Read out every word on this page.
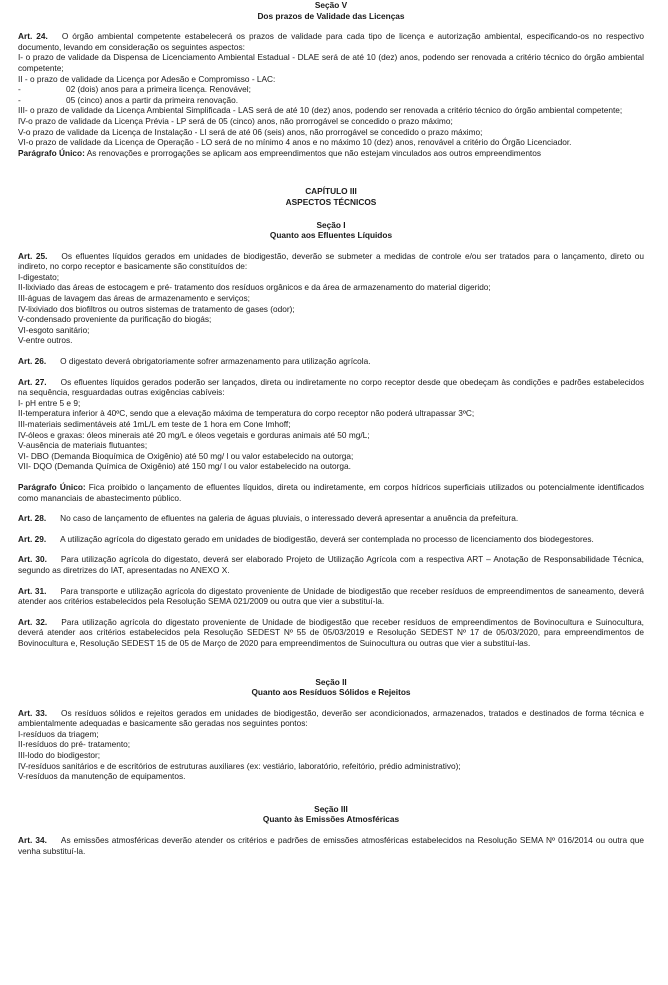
Seção V
Dos prazos de Validade das Licenças

Art. 24. O órgão ambiental competente estabelecerá os prazos de validade para cada tipo de licença e autorização ambiental, especificando-os no respectivo documento, levando em consideração os seguintes aspectos:

I- o prazo de validade da Dispensa de Licenciamento Ambiental Estadual - DLAE será de até 10 (dez) anos, podendo ser renovada a critério técnico do órgão ambiental competente;

II - o prazo de validade da Licença por Adesão e Compromisso - LAC:

-	02 (dois) anos para a primeira licença. Renovável;
-	05 (cinco) anos a partir da primeira renovação.

III- o prazo de validade da Licença Ambiental Simplificada - LAS será de até 10 (dez) anos, podendo ser renovada a critério técnico do órgão ambiental competente;

IV-o prazo de validade da Licença Prévia - LP será de 05 (cinco) anos, não prorrogável se concedido o prazo máximo;

V-o prazo de validade da Licença de Instalação - LI será de até 06 (seis) anos, não prorrogável se concedido o prazo máximo;

VI-o prazo de validade da Licença de Operação - LO será de no mínimo 4 anos e no máximo 10 (dez) anos, renovável a critério do Órgão Licenciador.

Parágrafo Único: As renovações e prorrogações se aplicam aos empreendimentos que não estejam vinculados aos outros empreendimentos

CAPÍTULO III
ASPECTOS TÉCNICOS
Seção I
Quanto aos Efluentes Líquidos

Art. 25. Os efluentes líquidos gerados em unidades de biodigestão, deverão se submeter a medidas de controle e/ou ser tratados para o lançamento, direto ou indireto, no corpo receptor e basicamente são constituídos de:

I-digestato;

II-lixiviado das áreas de estocagem e pré- tratamento dos resíduos orgânicos e da área de armazenamento do material digerido;

III-águas de lavagem das áreas de armazenamento e serviços;

IV-lixiviado dos biofiltros ou outros sistemas de tratamento de gases (odor);

V-condensado proveniente da purificação do biogás;

VI-esgoto sanitário;

V-entre outros.

Art. 26. O digestato deverá obrigatoriamente sofrer armazenamento para utilização agrícola.

Art. 27. Os efluentes líquidos gerados poderão ser lançados, direta ou indiretamente no corpo receptor desde que obedeçam às condições e padrões estabelecidos na sequência, resguardadas outras exigências cabíveis:

I- pH entre 5 e 9;

II-temperatura inferior à 40ºC, sendo que a elevação máxima de temperatura do corpo receptor não poderá ultrapassar 3ºC;

III-materiais sedimentáveis até 1mL/L em teste de 1 hora em Cone Imhoff;

IV-óleos e graxas: óleos minerais até 20 mg/L e óleos vegetais e gorduras animais até 50 mg/L;

V-ausência de materiais flutuantes;

VI- DBO (Demanda Bioquímica de Oxigênio) até 50 mg/ l ou valor estabelecido na outorga;

VII- DQO (Demanda Química de Oxigênio) até 150 mg/ l ou valor estabelecido na outorga.

Parágrafo Único: Fica proibido o lançamento de efluentes líquidos, direta ou indiretamente, em corpos hídricos superficiais utilizados ou potencialmente identificados como mananciais de abastecimento público.

Art. 28. No caso de lançamento de efluentes na galeria de águas pluviais, o interessado deverá apresentar a anuência da prefeitura.

Art. 29. A utilização agrícola do digestato gerado em unidades de biodigestão, deverá ser contemplada no processo de licenciamento dos biodegestores.

Art. 30. Para utilização agrícola do digestato, deverá ser elaborado Projeto de Utilização Agrícola com a respectiva ART – Anotação de Responsabilidade Técnica, segundo as diretrizes do IAT, apresentadas no ANEXO X.

Art. 31. Para transporte e utilização agrícola do digestato proveniente de Unidade de biodigestão que receber resíduos de empreendimentos de saneamento, deverá atender aos critérios estabelecidos pela Resolução SEMA 021/2009 ou outra que vier a substituí-la.

Art. 32. Para utilização agrícola do digestato proveniente de Unidade de biodigestão que receber resíduos de empreendimentos de Bovinocultura e Suinocultura, deverá atender aos critérios estabelecidos pela Resolução SEDEST Nº 55 de 05/03/2019 e Resolução SEDEST Nº 17 de 05/03/2020, para empreendimentos de Bovinocultura e, Resolução SEDEST 15 de 05 de Março de 2020 para empreendimentos de Suinocultura ou outras que vier a substituí-las.

Seção II
Quanto aos Resíduos Sólidos e Rejeitos

Art. 33. Os resíduos sólidos e rejeitos gerados em unidades de biodigestão, deverão ser acondicionados, armazenados, tratados e destinados de forma técnica e ambientalmente adequadas e basicamente são geradas nos seguintes pontos:

I-resíduos da triagem;

II-resíduos do pré- tratamento;

III-lodo do biodigestor;

IV-resíduos sanitários e de escritórios de estruturas auxiliares (ex: vestiário, laboratório, refeitório, prédio administrativo);

V-resíduos da manutenção de equipamentos.

Seção III
Quanto às Emissões Atmosféricas

Art. 34. As emissões atmosféricas deverão atender os critérios e padrões de emissões atmosféricas estabelecidos na Resolução SEMA Nº 016/2014 ou outra que venha substituí-la.
